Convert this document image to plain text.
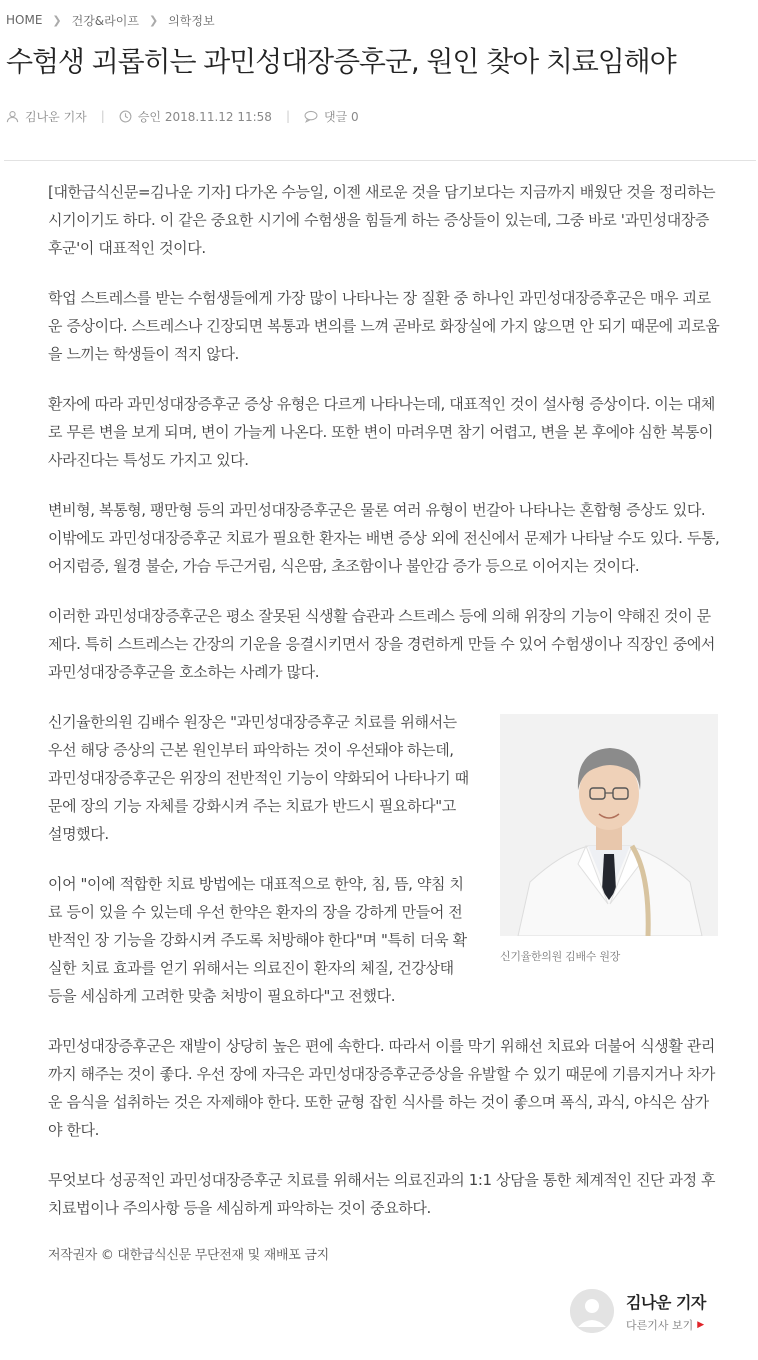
HOME ❯ 건강&라이프 ❯ 의학정보
수험생 괴롭히는 과민성대장증후군, 원인 찾아 치료임해야
김나운 기자 |	승인 2018.11.12 11:58 |	댓글 0

[대한급식신문=김나운 기자] 다가온 수능일, 이젠 새로운 것을 담기보다는 지금까지 배웠단 것을 정리하는 시기이기도 하다. 이 같은 중요한 시기에 수험생을 힘들게 하는 증상들이 있는데, 그중 바로 '과민성대장증후군'이 대표적인 것이다.

학업 스트레스를 받는 수험생들에게 가장 많이 나타나는 장 질환 중 하나인 과민성대장증후군은 매우 괴로운 증상이다. 스트레스나 긴장되면 복통과 변의를 느껴 곧바로 화장실에 가지 않으면 안 되기 때문에 괴로움을 느끼는 학생들이 적지 않다.

환자에 따라 과민성대장증후군 증상 유형은 다르게 나타나는데, 대표적인 것이 설사형 증상이다. 이는 대체로 무른 변을 보게 되며, 변이 가늘게 나온다. 또한 변이 마려우면 참기 어렵고, 변을 본 후에야 심한 복통이 사라진다는 특성도 가지고 있다.

변비형, 복통형, 팽만형 등의 과민성대장증후군은 물론 여러 유형이 번갈아 나타나는 혼합형 증상도 있다. 이밖에도 과민성대장증후군 치료가 필요한 환자는 배변 증상 외에 전신에서 문제가 나타날 수도 있다. 두통, 어지럼증, 월경 불순, 가슴 두근거림, 식은땀, 초조함이나 불안감 증가 등으로 이어지는 것이다.

이러한 과민성대장증후군은 평소 잘못된 식생활 습관과 스트레스 등에 의해 위장의 기능이 약해진 것이 문제다. 특히 스트레스는 간장의 기운을 응결시키면서 장을 경련하게 만들 수 있어 수험생이나 직장인 중에서 과민성대장증후군을 호소하는 사례가 많다.

신기율한의원 김배수 원장

신기율한의원 김배수 원장은 "과민성대장증후군 치료를 위해서는 우선 해당 증상의 근본 원인부터 파악하는 것이 우선돼야 하는데, 과민성대장증후군은 위장의 전반적인 기능이 약화되어 나타나기 때문에 장의 기능 자체를 강화시켜 주는 치료가 반드시 필요하다"고 설명했다.

이어 "이에 적합한 치료 방법에는 대표적으로 한약, 침, 뜸, 약침 치료 등이 있을 수 있는데 우선 한약은 환자의 장을 강하게 만들어 전반적인 장 기능을 강화시켜 주도록 처방해야 한다"며 "특히 더욱 확실한 치료 효과를 얻기 위해서는 의료진이 환자의 체질, 건강상태 등을 세심하게 고려한 맞춤 처방이 필요하다"고 전했다.

과민성대장증후군은 재발이 상당히 높은 편에 속한다. 따라서 이를 막기 위해선 치료와 더불어 식생활 관리까지 해주는 것이 좋다. 우선 장에 자극은 과민성대장증후군증상을 유발할 수 있기 때문에 기름지거나 차가운 음식을 섭취하는 것은 자제해야 한다. 또한 균형 잡힌 식사를 하는 것이 좋으며 폭식, 과식, 야식은 삼가야 한다.

무엇보다 성공적인 과민성대장증후군 치료를 위해서는 의료진과의 1:1 상담을 통한 체계적인 진단 과정 후 치료법이나 주의사항 등을 세심하게 파악하는 것이 중요하다.

저작권자 © 대한급식신문 무단전재 및 재배포 금지

김나운 기자
다른기사 보기 ▶
